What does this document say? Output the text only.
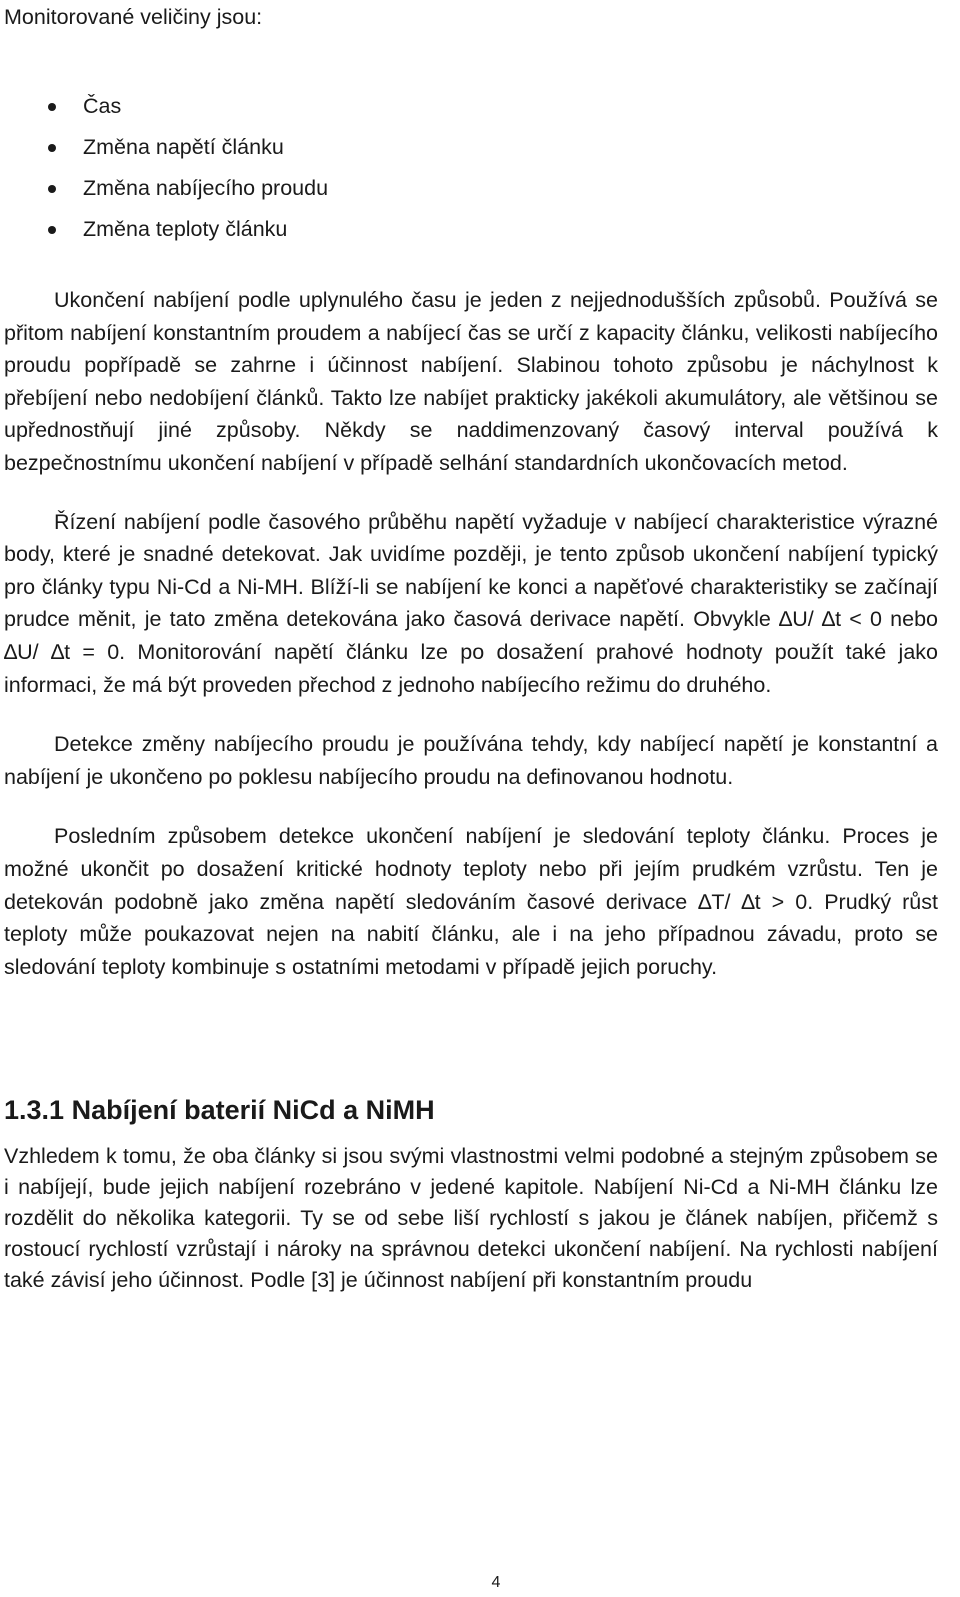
Monitorované veličiny jsou:

Čas
Změna napětí článku
Změna nabíjecího proudu
Změna teploty článku

Ukončení nabíjení podle uplynulého času je jeden z nejjednodušších způsobů. Používá se přitom nabíjení konstantním proudem a nabíjecí čas se určí z kapacity článku, velikosti nabíjecího proudu popřípadě se zahrne i účinnost nabíjení. Slabinou tohoto způsobu je náchylnost k přebíjení nebo nedobíjení článků. Takto lze nabíjet prakticky jakékoli akumulátory, ale většinou se upřednostňují jiné způsoby. Někdy se naddimenzovaný časový interval používá k bezpečnostnímu ukončení nabíjení v případě selhání standardních ukončovacích metod.

Řízení nabíjení podle časového průběhu napětí vyžaduje v nabíjecí charakteristice výrazné body, které je snadné detekovat. Jak uvidíme později, je tento způsob ukončení nabíjení typický pro články typu Ni-Cd a Ni-MH. Blíží-li se nabíjení ke konci a napěťové charakteristiky se začínají prudce měnit, je tato změna detekována jako časová derivace napětí. Obvykle ∆U/ ∆t < 0 nebo ∆U/ ∆t = 0. Monitorování napětí článku lze po dosažení prahové hodnoty použít také jako informaci, že má být proveden přechod z jednoho nabíjecího režimu do druhého.

Detekce změny nabíjecího proudu je používána tehdy, kdy nabíjecí napětí je konstantní a nabíjení je ukončeno po poklesu nabíjecího proudu na definovanou hodnotu.

Posledním způsobem detekce ukončení nabíjení je sledování teploty článku. Proces je možné ukončit po dosažení kritické hodnoty teploty nebo při jejím prudkém vzrůstu. Ten je detekován podobně jako změna napětí sledováním časové derivace ∆T/ ∆t > 0. Prudký růst teploty může poukazovat nejen na nabití článku, ale i na jeho případnou závadu, proto se sledování teploty kombinuje s ostatními metodami v případě jejich poruchy.

1.3.1 Nabíjení baterií NiCd a NiMH

Vzhledem k tomu, že oba články si jsou svými vlastnostmi velmi podobné a stejným způsobem se i nabíjejí, bude jejich nabíjení rozebráno v jedené kapitole. Nabíjení Ni-Cd a Ni-MH článku lze rozdělit do několika kategorii. Ty se od sebe liší rychlostí s jakou je článek nabíjen, přičemž s rostoucí rychlostí vzrůstají i nároky na správnou detekci ukončení nabíjení. Na rychlosti nabíjení také závisí jeho účinnost. Podle [3] je účinnost nabíjení při konstantním proudu

4
